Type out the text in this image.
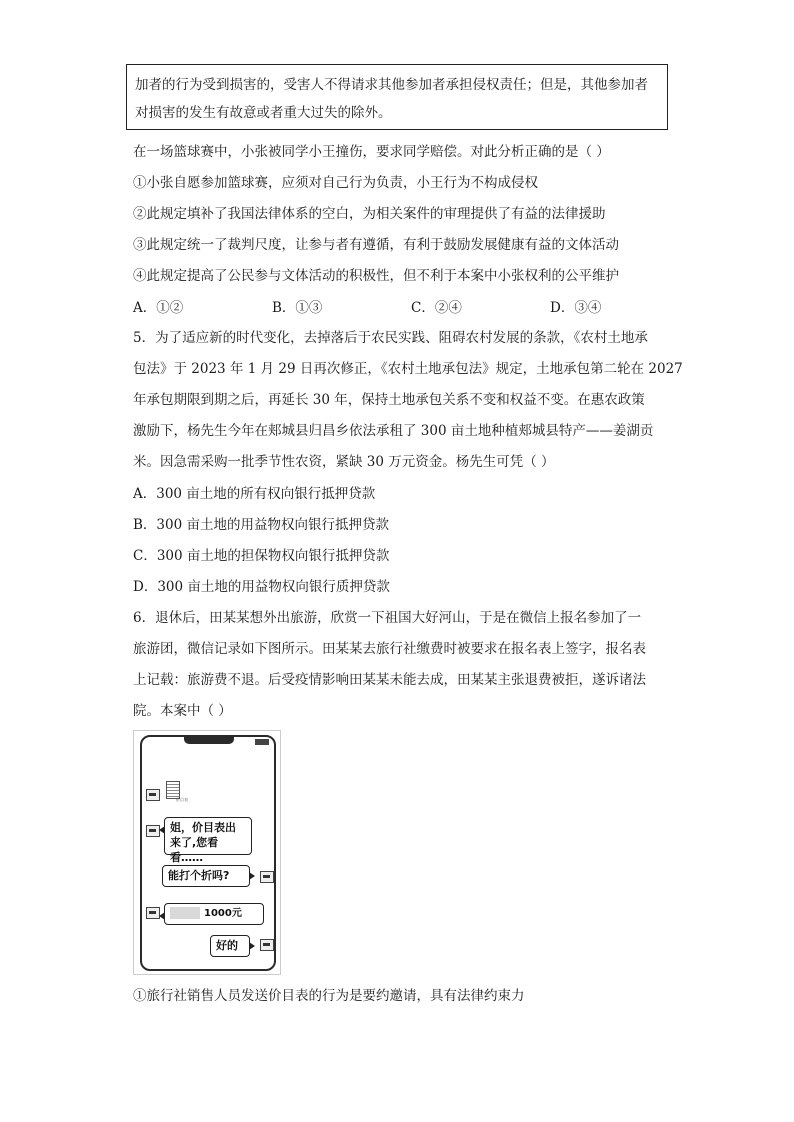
加者的行为受到损害的，受害人不得请求其他参加者承担侵权责任；但是，其他参加者
对损害的发生有故意或者重大过失的除外。
在一场篮球赛中，小张被同学小王撞伤，要求同学赔偿。对此分析正确的是（ ）
①小张自愿参加篮球赛，应须对自己行为负责，小王行为不构成侵权
②此规定填补了我国法律体系的空白，为相关案件的审理提供了有益的法律援助
③此规定统一了裁判尺度，让参与者有遵循，有利于鼓励发展健康有益的文体活动
④此规定提高了公民参与文体活动的积极性，但不利于本案中小张权利的公平维护
A．①②	B．①③	C．②④	D．③④
5．为了适应新的时代变化，去掉落后于农民实践、阻碍农村发展的条款，《农村土地承
包法》于 2023 年 1 月 29 日再次修正，《农村土地承包法》规定，土地承包第二轮在 2027
年承包期限到期之后，再延长 30 年，保持土地承包关系不变和权益不变。在惠农政策
激励下，杨先生今年在郏城县归昌乡依法承租了 300 亩土地种植郏城县特产——姜湖贡
米。因急需采购一批季节性农资，紧缺 30 万元资金。杨先生可凭（ ）
A．300 亩土地的所有权向银行抵押贷款
B．300 亩土地的用益物权向银行抵押贷款
C．300 亩土地的担保物权向银行抵押贷款
D．300 亩土地的用益物权向银行质押贷款
6．退休后，田某某想外出旅游，欣赏一下祖国大好河山，于是在微信上报名参加了一
旅游团，微信记录如下图所示。田某某去旅行社缴费时被要求在报名表上签字，报名表
上记载：旅游费不退。后受疫情影响田某某未能去成，田某某主张退费被拒，遂诉诸法
院。本案中（ ）
价目表
姐，价目表出来了,您看看……
能打个折吗?
1000元
好的
①旅行社销售人员发送价目表的行为是要约邀请，具有法律约束力
